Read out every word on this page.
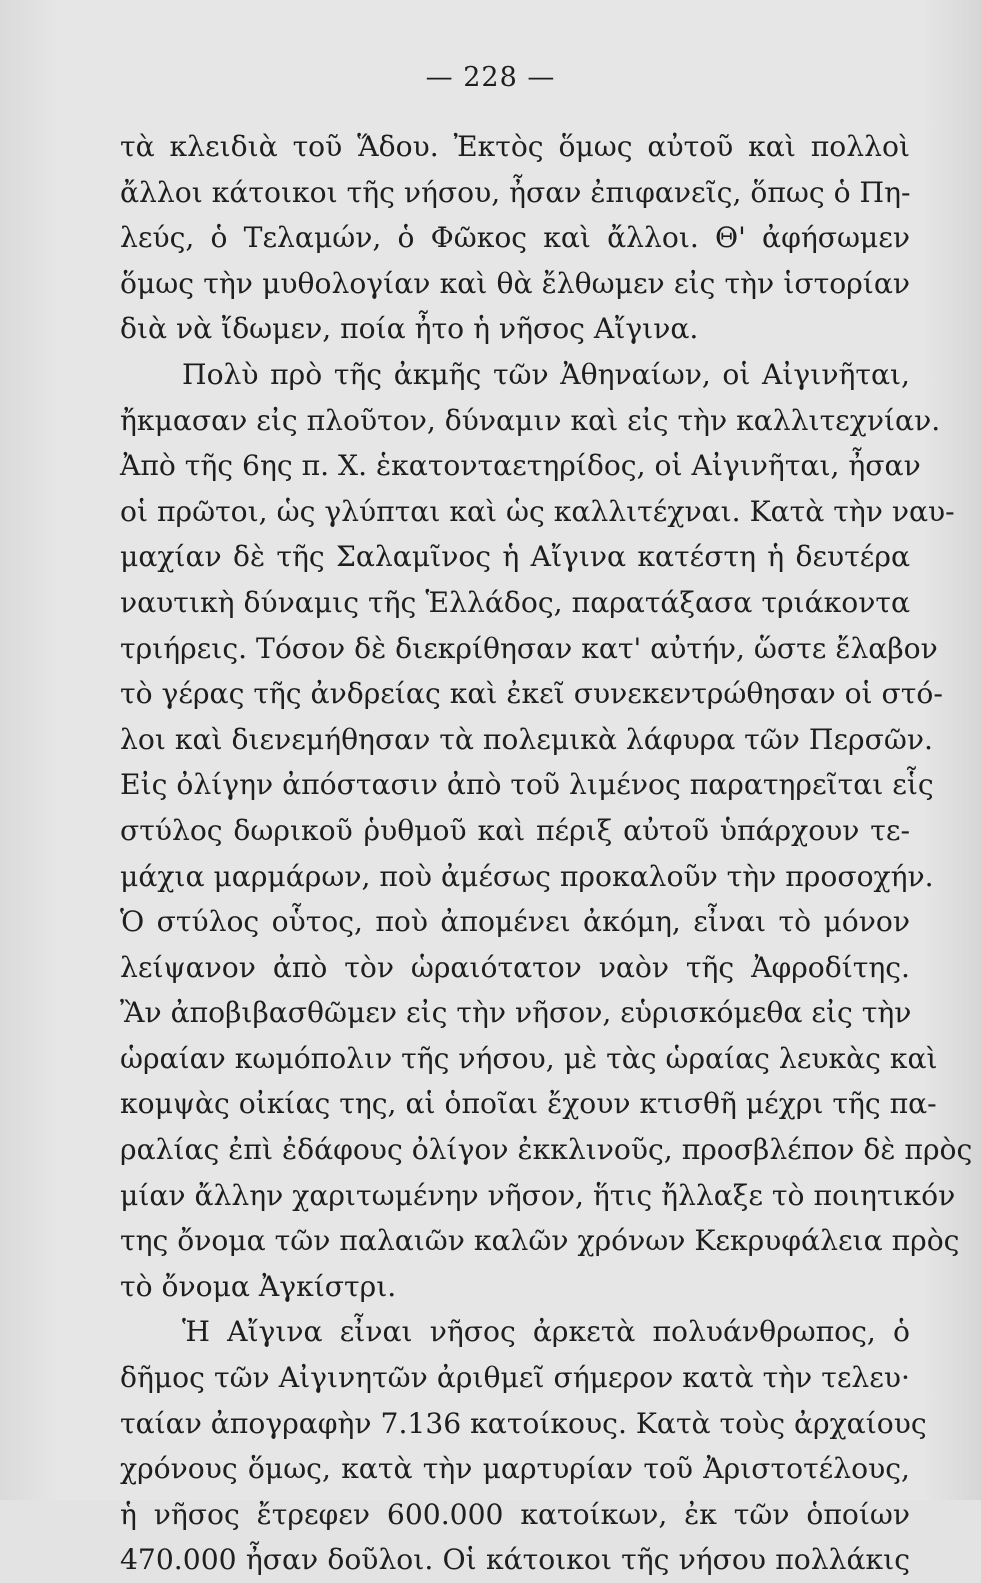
— 228 —
τὰ κλειδιὰ τοῦ Ἅδου. Ἐκτὸς ὅμως αὐτοῦ καὶ πολλοὶ
ἄλλοι κάτοικοι τῆς νήσου, ἦσαν ἐπιφανεῖς, ὅπως ὁ Πη-
λεύς, ὁ Τελαμών, ὁ Φῶκος καὶ ἄλλοι. Θ' ἀφήσωμεν
ὅμως τὴν μυθολογίαν καὶ θὰ ἔλθωμεν εἰς τὴν ἱστορίαν
διὰ νὰ ἴδωμεν, ποία ἦτο ἡ νῆσος Αἴγινα.
Πολὺ πρὸ τῆς ἀκμῆς τῶν Ἀθηναίων, οἱ Αἰγινῆται,
ἤκμασαν εἰς πλοῦτον, δύναμιν καὶ εἰς τὴν καλλιτεχνίαν.
Ἀπὸ τῆς 6ης π. Χ. ἑκατονταετηρίδος, οἱ Αἰγινῆται, ἦσαν
οἱ πρῶτοι, ὡς γλύπται καὶ ὡς καλλιτέχναι. Κατὰ τὴν ναυ-
μαχίαν δὲ τῆς Σαλαμῖνος ἡ Αἴγινα κατέστη ἡ δευτέρα
ναυτικὴ δύναμις τῆς Ἑλλάδος, παρατάξασα τριάκοντα
τριήρεις. Τόσον δὲ διεκρίθησαν κατ' αὐτήν, ὥστε ἔλαβον
τὸ γέρας τῆς ἀνδρείας καὶ ἐκεῖ συνεκεντρώθησαν οἱ στό-
λοι καὶ διενεμήθησαν τὰ πολεμικὰ λάφυρα τῶν Περσῶν.
Εἰς ὀλίγην ἀπόστασιν ἀπὸ τοῦ λιμένος παρατηρεῖται εἷς
στύλος δωρικοῦ ῥυθμοῦ καὶ πέριξ αὐτοῦ ὑπάρχουν τε-
μάχια μαρμάρων, ποὺ ἀμέσως προκαλοῦν τὴν προσοχήν.
Ὁ στύλος οὗτος, ποὺ ἀπομένει ἀκόμη, εἶναι τὸ μόνον
λείψανον ἀπὸ τὸν ὡραιότατον ναὸν τῆς Ἀφροδίτης.
Ἂν ἀποβιβασθῶμεν εἰς τὴν νῆσον, εὑρισκόμεθα εἰς τὴν
ὡραίαν κωμόπολιν τῆς νήσου, μὲ τὰς ὡραίας λευκὰς καὶ
κομψὰς οἰκίας της, αἱ ὁποῖαι ἔχουν κτισθῆ μέχρι τῆς πα-
ραλίας ἐπὶ ἐδάφους ὀλίγον ἐκκλινοῦς, προσβλέπον δὲ πρὸς
μίαν ἄλλην χαριτωμένην νῆσον, ἥτις ἤλλαξε τὸ ποιητικόν
της ὄνομα τῶν παλαιῶν καλῶν χρόνων Κεκρυφάλεια πρὸς
τὸ ὄνομα Ἀγκίστρι.
Ἡ Αἴγινα εἶναι νῆσος ἀρκετὰ πολυάνθρωπος, ὁ
δῆμος τῶν Αἰγινητῶν ἀριθμεῖ σήμερον κατὰ τὴν τελευ·
ταίαν ἀπογραφὴν 7.136 κατοίκους. Κατὰ τοὺς ἀρχαίους
χρόνους ὅμως, κατὰ τὴν μαρτυρίαν τοῦ Ἀριστοτέλους,
ἡ νῆσος ἔτρεφεν 600.000 κατοίκων, ἐκ τῶν ὁποίων
470.000 ἦσαν δοῦλοι. Οἱ κάτοικοι τῆς νήσου πολλάκις
